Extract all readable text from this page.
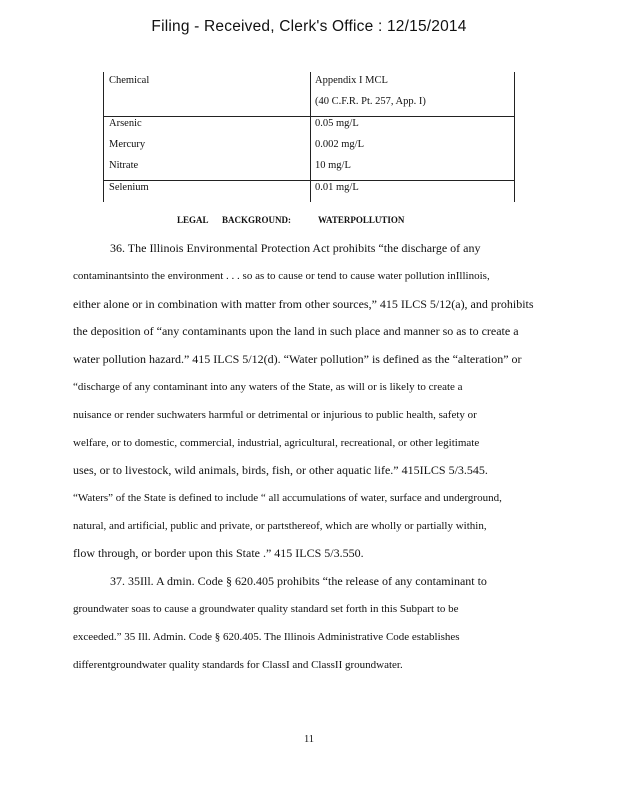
Filing - Received, Clerk's Office : 12/15/2014
Chemical	Appendix I MCL
(40 C.F.R. Pt. 257, App. I)
Arsenic	0.05 mg/L
Mercury	0.002 mg/L
Nitrate	10 mg/L
Selenium	0.01 mg/L
LEGAL BACKGROUND:	WATERPOLLUTION
36. The Illinois Environmental Protection Act prohibits “the discharge of any
contaminantsinto the environment . . . so as to cause or tend to cause water pollution inIllinois,
either alone or in combination with matter from other sources,” 415 ILCS 5/12(a), and prohibits
the deposition of “any contaminants upon the land in such place and manner so as to create a
water pollution hazard.” 415 ILCS 5/12(d). “Water pollution” is defined as the “alteration” or
“discharge of any contaminant into any waters of the State, as will or is likely to create a
nuisance or render suchwaters harmful or detrimental or injurious to public health, safety or
welfare, or to domestic, commercial, industrial, agricultural, recreational, or other legitimate
uses, or to livestock, wild animals, birds, fish, or other aquatic life.” 415ILCS 5/3.545.
“Waters” of the State is defined to include “ all accumulations of water, surface and underground,
natural, and artificial, public and private, or partsthereof, which are wholly or partially within,
flow through, or border upon this State .” 415 ILCS 5/3.550.
37. 35Ill. A dmin. Code § 620.405 prohibits “the release of any contaminant to
groundwater soas to cause a groundwater quality standard set forth in this Subpart to be
exceeded.” 35 Ill. Admin. Code § 620.405. The Illinois Administrative Code establishes
differentgroundwater quality standards for ClassI and ClassII groundwater.
11
